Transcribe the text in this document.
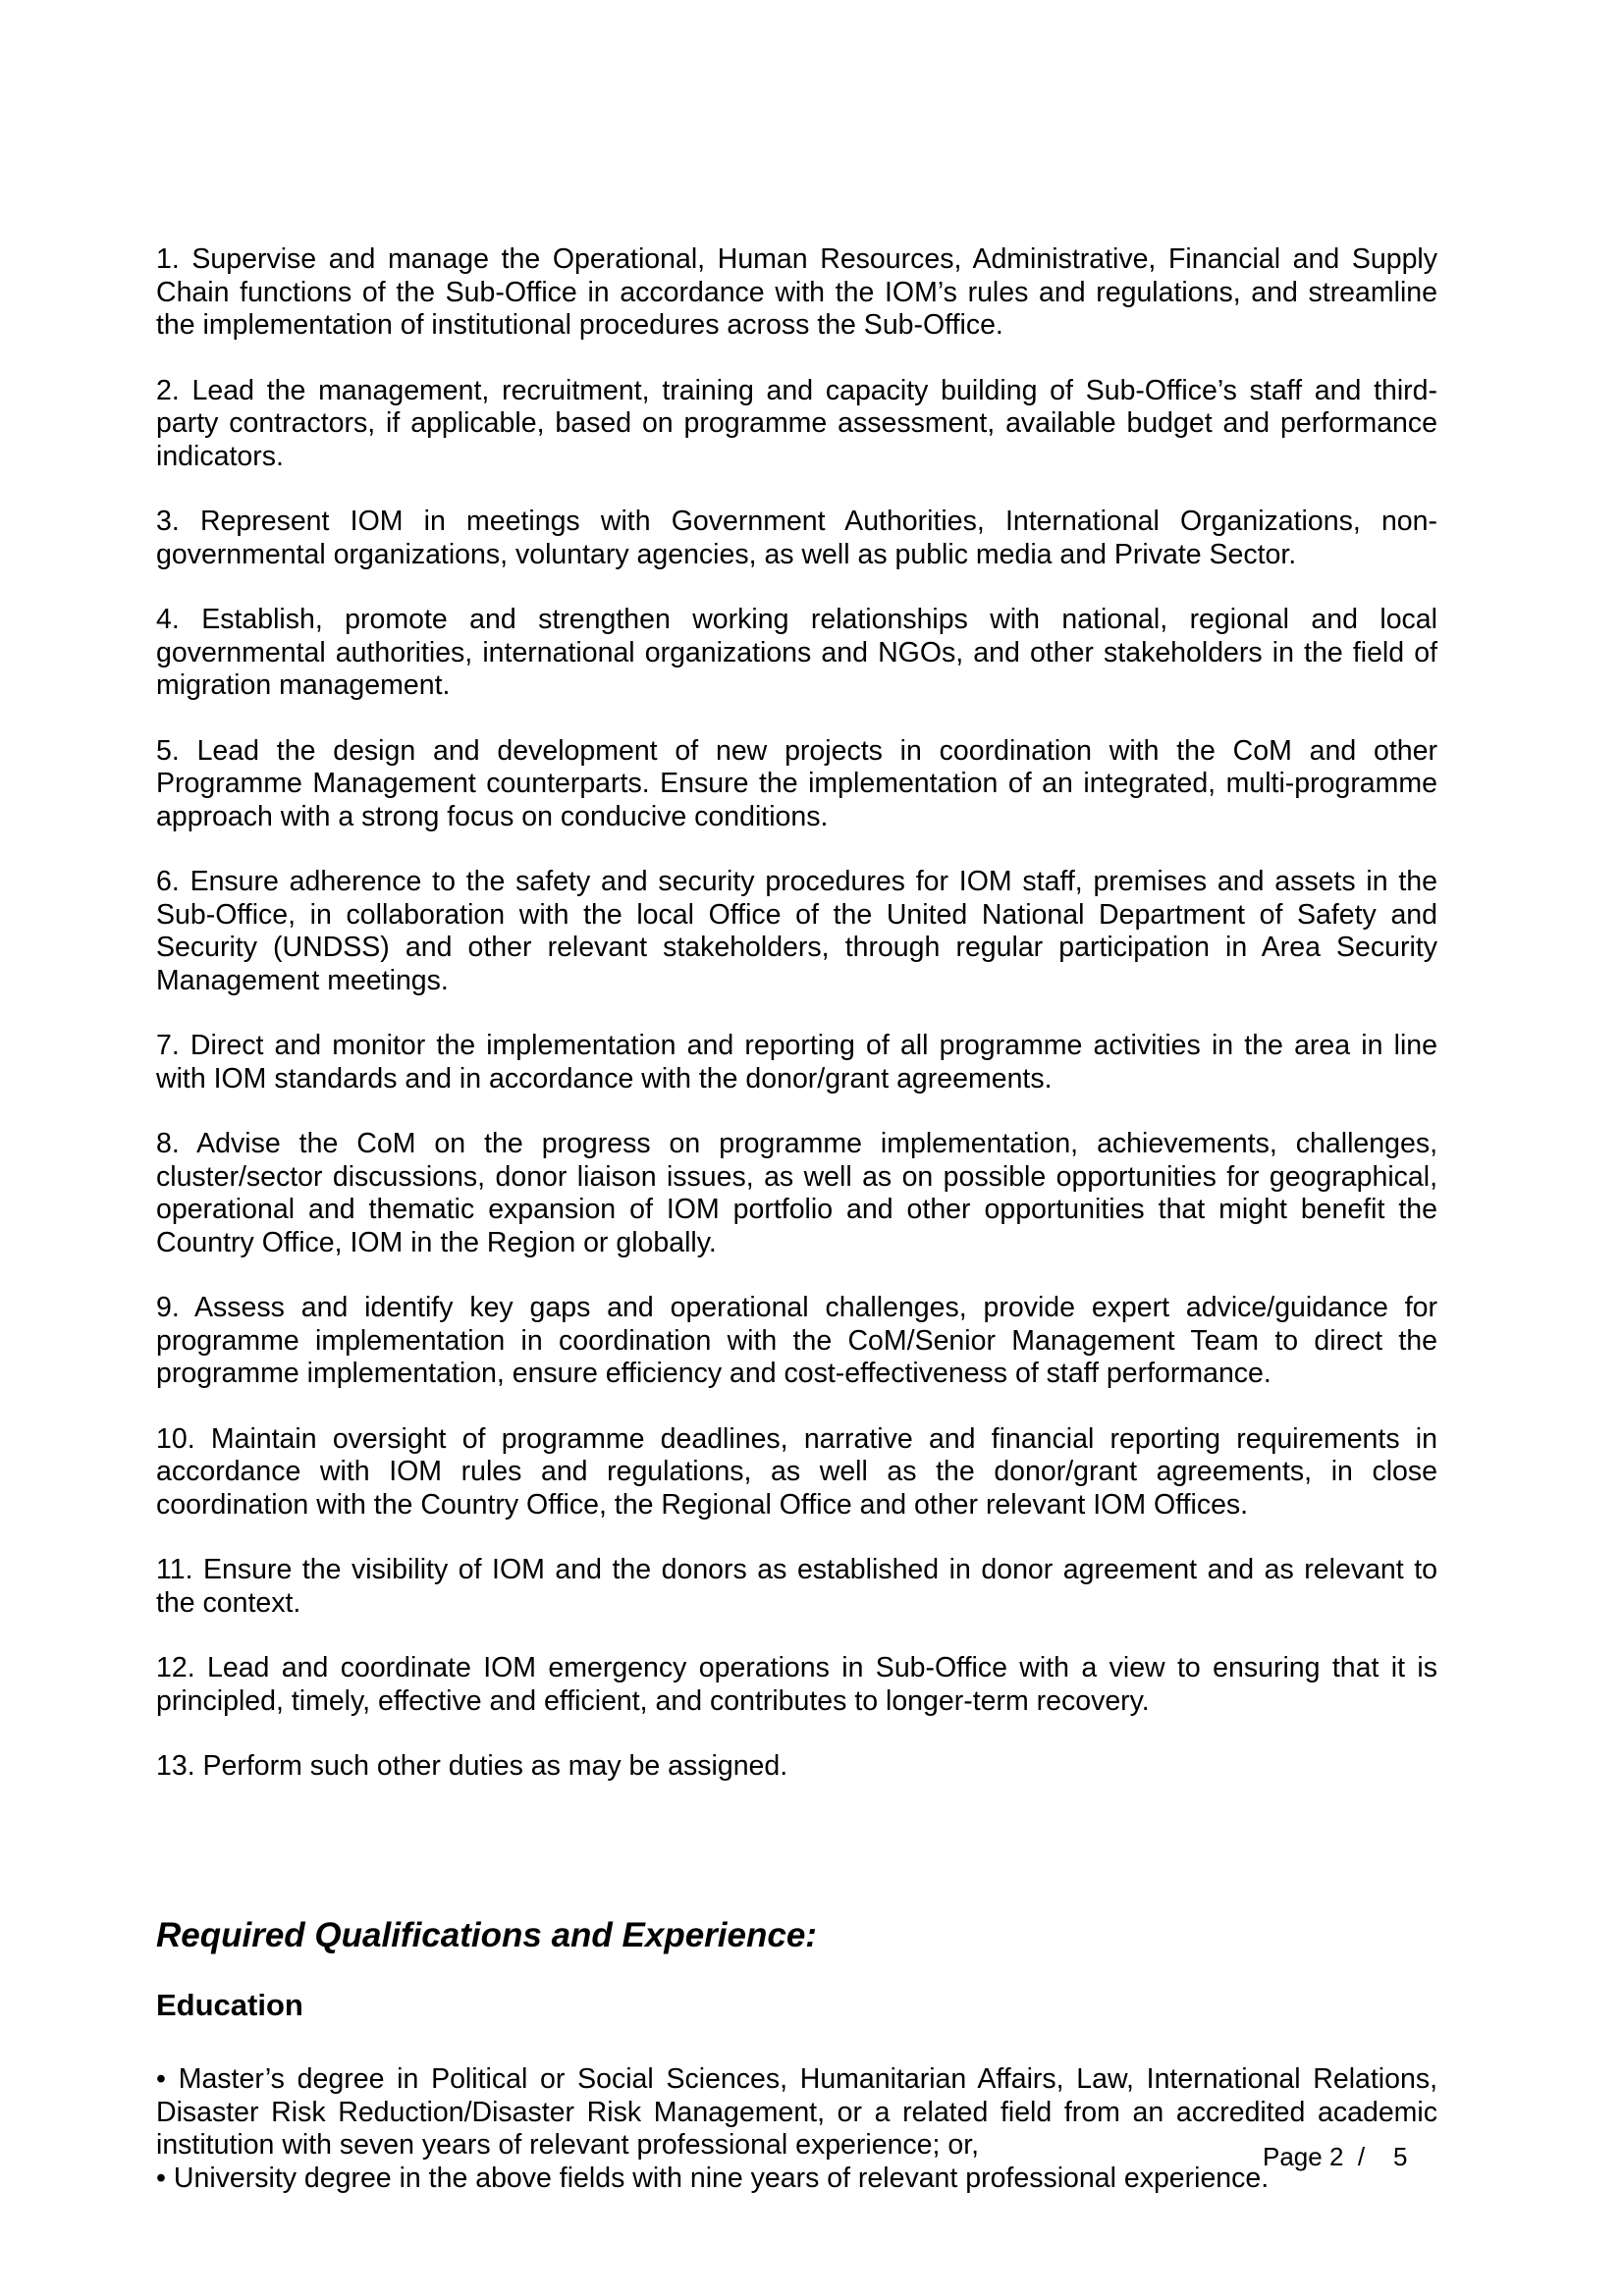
1. Supervise and manage the Operational, Human Resources, Administrative, Financial and Supply Chain functions of the Sub-Office in accordance with the IOM’s rules and regulations, and streamline the implementation of institutional procedures across the Sub-Office.

2. Lead the management, recruitment, training and capacity building of Sub-Office’s staff and third-party contractors, if applicable, based on programme assessment, available budget and performance indicators.

3. Represent IOM in meetings with Government Authorities, International Organizations, non-governmental organizations, voluntary agencies, as well as public media and Private Sector.

4. Establish, promote and strengthen working relationships with national, regional and local governmental authorities, international organizations and NGOs, and other stakeholders in the field of migration management.

5. Lead the design and development of new projects in coordination with the CoM and other Programme Management counterparts. Ensure the implementation of an integrated, multi-programme approach with a strong focus on conducive conditions.

6. Ensure adherence to the safety and security procedures for IOM staff, premises and assets in the Sub-Office, in collaboration with the local Office of the United National Department of Safety and Security (UNDSS) and other relevant stakeholders, through regular participation in Area Security Management meetings.

7. Direct and monitor the implementation and reporting of all programme activities in the area in line with IOM standards and in accordance with the donor/grant agreements.

8. Advise the CoM on the progress on programme implementation, achievements, challenges, cluster/sector discussions, donor liaison issues, as well as on possible opportunities for geographical, operational and thematic expansion of IOM portfolio and other opportunities that might benefit the Country Office, IOM in the Region or globally.

9. Assess and identify key gaps and operational challenges, provide expert advice/guidance for programme implementation in coordination with the CoM/Senior Management Team to direct the programme implementation, ensure efficiency and cost-effectiveness of staff performance.

10. Maintain oversight of programme deadlines, narrative and financial reporting requirements in accordance with IOM rules and regulations, as well as the donor/grant agreements, in close coordination with the Country Office, the Regional Office and other relevant IOM Offices.

11. Ensure the visibility of IOM and the donors as established in donor agreement and as relevant to the context.

12. Lead and coordinate IOM emergency operations in Sub-Office with a view to ensuring that it is principled, timely, effective and efficient, and contributes to longer-term recovery.

13. Perform such other duties as may be assigned.

Required Qualifications and Experience:
Education

• Master’s degree in Political or Social Sciences, Humanitarian Affairs, Law, International Relations, Disaster Risk Reduction/Disaster Risk Management, or a related field from an accredited academic institution with seven years of relevant professional experience; or,

• University degree in the above fields with nine years of relevant professional experience.

Page 2  /    5
